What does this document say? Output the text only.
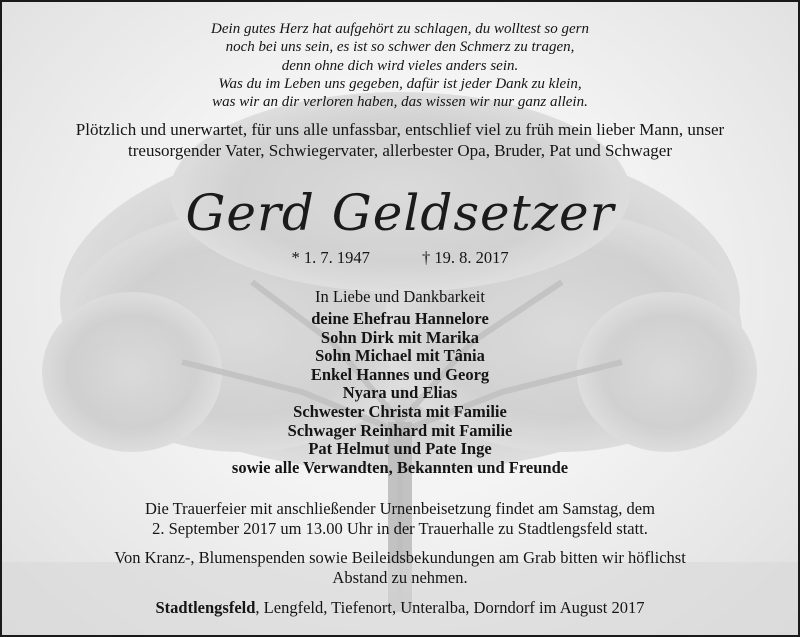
Dein gutes Herz hat aufgehört zu schlagen, du wolltest so gern
noch bei uns sein, es ist so schwer den Schmerz zu tragen,
denn ohne dich wird vieles anders sein.
Was du im Leben uns gegeben, dafür ist jeder Dank zu klein,
was wir an dir verloren haben, das wissen wir nur ganz allein.
Plötzlich und unerwartet, für uns alle unfassbar, entschlief viel zu früh mein lieber Mann, unser
treusorgender Vater, Schwiegervater, allerbester Opa, Bruder, Pat und Schwager
Gerd Geldsetzer
* 1. 7. 1947	† 19. 8. 2017
In Liebe und Dankbarkeit
deine Ehefrau Hannelore
Sohn Dirk mit Marika
Sohn Michael mit Tânia
Enkel Hannes und Georg
Nyara und Elias
Schwester Christa mit Familie
Schwager Reinhard mit Familie
Pat Helmut und Pate Inge
sowie alle Verwandten, Bekannten und Freunde
Die Trauerfeier mit anschließender Urnenbeisetzung findet am Samstag, dem
2. September 2017 um 13.00 Uhr in der Trauerhalle zu Stadtlengsfeld statt.
Von Kranz-, Blumenspenden sowie Beileidsbekundungen am Grab bitten wir höflichst
Abstand zu nehmen.
Stadtlengsfeld, Lengfeld, Tiefenort, Unteralba, Dorndorf im August 2017
